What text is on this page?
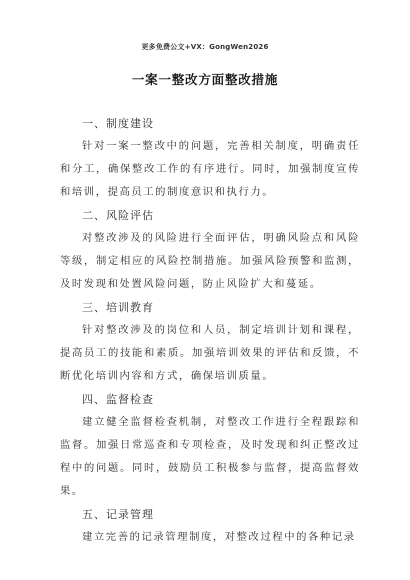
更多免费公文+VX：GongWen2026
一案一整改方面整改措施
一、制度建设

针对一案一整改中的问题，完善相关制度，明确责任和分工，确保整改工作的有序进行。同时，加强制度宣传和培训，提高员工的制度意识和执行力。

二、风险评估

对整改涉及的风险进行全面评估，明确风险点和风险等级，制定相应的风险控制措施。加强风险预警和监测，及时发现和处置风险问题，防止风险扩大和蔓延。

三、培训教育

针对整改涉及的岗位和人员，制定培训计划和课程，提高员工的技能和素质。加强培训效果的评估和反馈，不断优化培训内容和方式，确保培训质量。

四、监督检查

建立健全监督检查机制，对整改工作进行全程跟踪和监督。加强日常巡查和专项检查，及时发现和纠正整改过程中的问题。同时，鼓励员工积极参与监督，提高监督效果。

五、记录管理

建立完善的记录管理制度，对整改过程中的各种记录
